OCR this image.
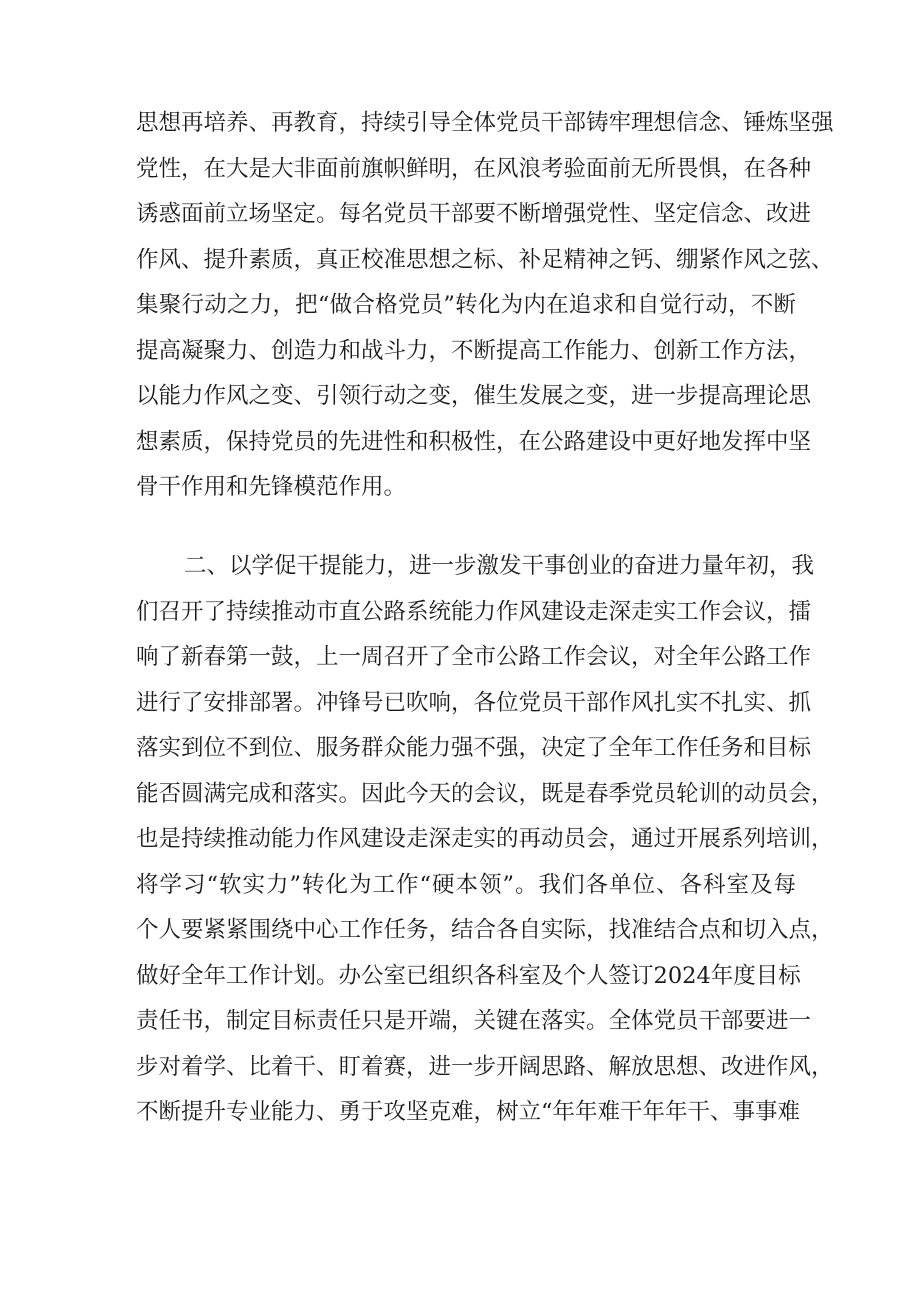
思想再培养、再教育，持续引导全体党员干部铸牢理想信念、锤炼坚强
党性，在大是大非面前旗帜鲜明，在风浪考验面前无所畏惧，在各种
诱惑面前立场坚定。每名党员干部要不断增强党性、坚定信念、改进
作风、提升素质，真正校准思想之标、补足精神之钙、绷紧作风之弦、
集聚行动之力，把“做合格党员”转化为内在追求和自觉行动，不断
提高凝聚力、创造力和战斗力，不断提高工作能力、创新工作方法，
以能力作风之变、引领行动之变，催生发展之变，进一步提高理论思
想素质，保持党员的先进性和积极性，在公路建设中更好地发挥中坚
骨干作用和先锋模范作用。
二、以学促干提能力，进一步激发干事创业的奋进力量年初，我
们召开了持续推动市直公路系统能力作风建设走深走实工作会议，擂
响了新春第一鼓，上一周召开了全市公路工作会议，对全年公路工作
进行了安排部署。冲锋号已吹响，各位党员干部作风扎实不扎实、抓
落实到位不到位、服务群众能力强不强，决定了全年工作任务和目标
能否圆满完成和落实。因此今天的会议，既是春季党员轮训的动员会，
也是持续推动能力作风建设走深走实的再动员会，通过开展系列培训，
将学习“软实力”转化为工作“硬本领”。我们各单位、各科室及每
个人要紧紧围绕中心工作任务，结合各自实际，找准结合点和切入点，
做好全年工作计划。办公室已组织各科室及个人签订2024年度目标
责任书，制定目标责任只是开端，关键在落实。全体党员干部要进一
步对着学、比着干、盯着赛，进一步开阔思路、解放思想、改进作风，
不断提升专业能力、勇于攻坚克难，树立“年年难干年年干、事事难
